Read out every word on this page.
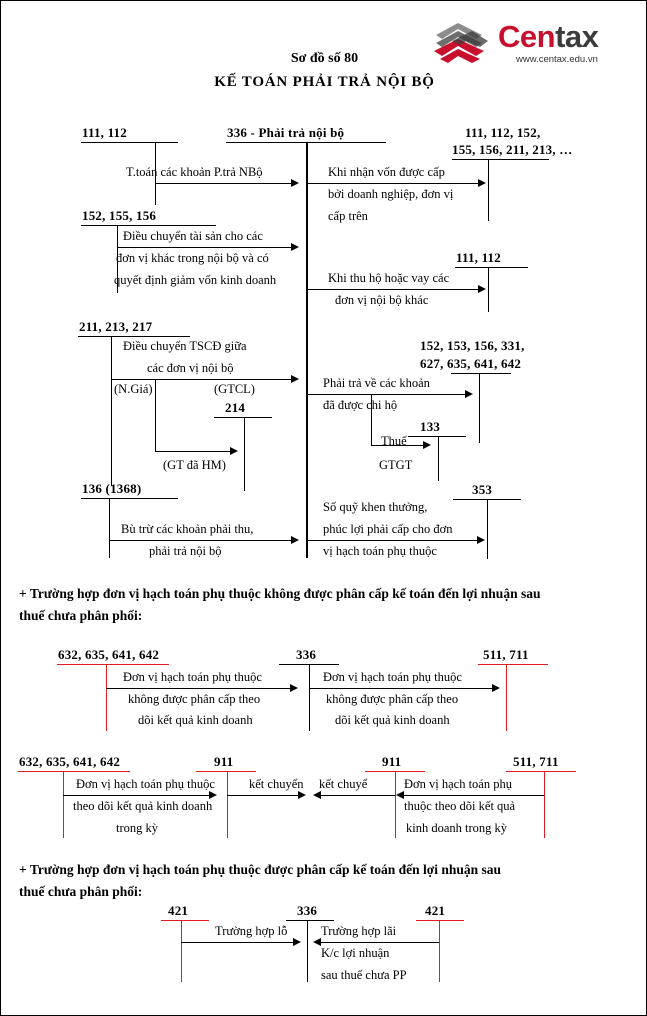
Centax
www.centax.edu.vn
Sơ đồ số 80
KẾ TOÁN PHẢI TRẢ NỘI BỘ
111, 112	336 - Phải trả nội bộ	111, 112, 152,
155, 156, 211, 213, …
T.toán các khoản P.trả NBộ	Khi nhận vốn được cấp
bởi doanh nghiệp, đơn vị
cấp trên
152, 155, 156
Điều chuyển tài sản cho các
đơn vị khác trong nội bộ và có
quyết định giảm vốn kinh doanh
111, 112
Khi thu hộ hoặc vay các
đơn vị nội bộ khác
211, 213, 217
Điều chuyển TSCĐ giữa
các đơn vị nội bộ
(N.Giá)	(GTCL)
214
(GT đã HM)
152, 153, 156, 331,
627, 635, 641, 642
Phải trả về các khoản
đã được chi hộ
133
Thuế
GTGT
136 (1368)
Bù trừ các khoản phải thu,
phải trả nội bộ
353
Số quỹ khen thưởng,
phúc lợi phải cấp cho đơn
vị hạch toán phụ thuộc
+ Trường hợp đơn vị hạch toán phụ thuộc không được phân cấp kế toán đến lợi nhuận sau
thuế chưa phân phối:
632, 635, 641, 642	336	511, 711
Đơn vị hạch toán phụ thuộc
không được phân cấp theo
dõi kết quả kinh doanh
Đơn vị hạch toán phụ thuộc
không được phân cấp theo
dõi kết quả kinh doanh
632, 635, 641, 642	911	911	511, 711
Đơn vị hạch toán phụ thuộc
theo dõi kết quả kinh doanh
trong kỳ
kết chuyển kết chuyể	Đơn vị hạch toán phụ
thuộc theo dõi kết quả
kinh doanh trong kỳ
+ Trường hợp đơn vị hạch toán phụ thuộc được phân cấp kế toán đến lợi nhuận sau
thuế chưa phân phối:
421	336	421
Trường hợp lỗ	Trường hợp lãi
K/c lợi nhuận
sau thuế chưa PP
